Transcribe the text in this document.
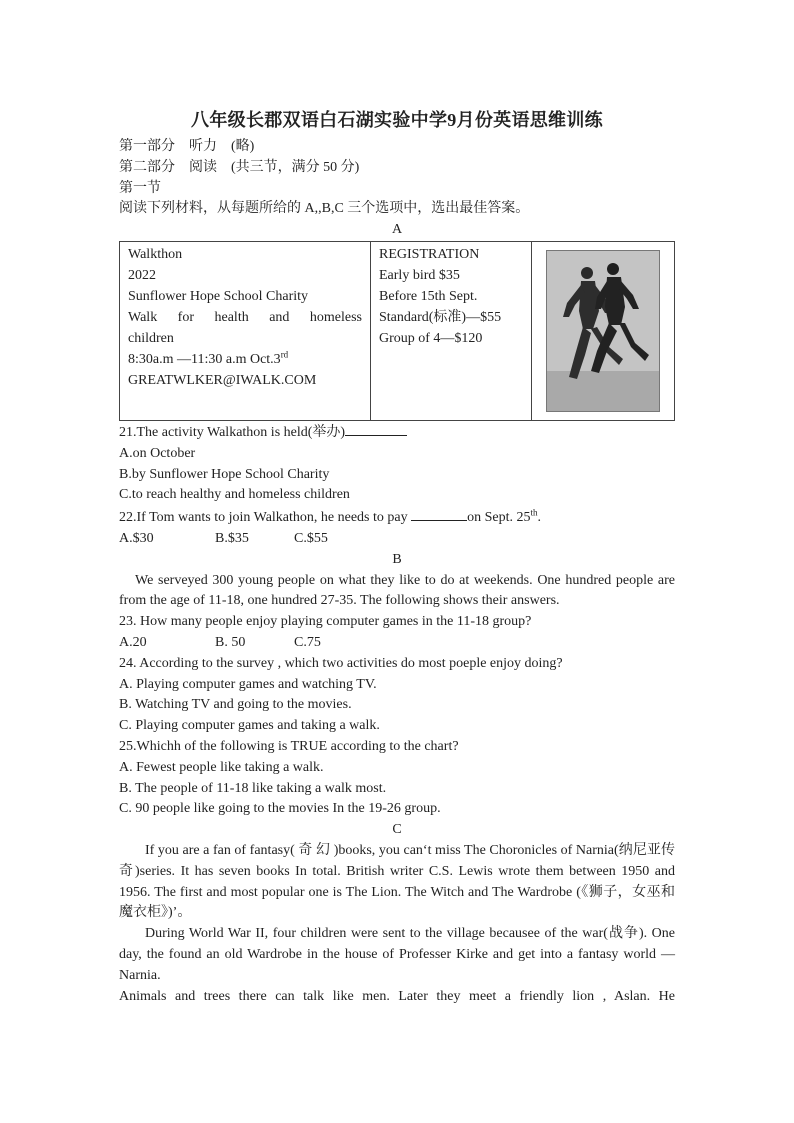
八年级长郡双语白石湖实验中学9月份英语思维训练
第一部分　听力　(略)
第二部分　阅读　(共三节，满分 50 分)
第一节
阅读下列材料，从每题所给的 A,,B,C 三个选项中，选出最佳答案。
A
Walkthon
2022
Sunflower Hope School Charity
Walk for health and homeless
children
8:30a.m —11:30 a.m Oct.3rd
GREATWLKER@IWALK.COM

REGISTRATION
Early bird $35
Before 15th Sept.
Standard(标准)—$55
Group of 4—$120

21.The activity Walkathon is held(举办)
A.on October
B.by Sunflower Hope School Charity
C.to reach healthy and homeless children
22.If Tom wants to join Walkathon, he needs to pay	on Sept. 25th.
A.$30	B.$35	C.$55
B
We serveyed 300 young people on what they like to do at weekends. One hundred people are from the age of 11-18, one hundred 27-35. The following shows their answers.
23. How many people enjoy playing computer games in the 11-18 group?
A.20	B. 50	C.75
24. According to the survey , which two activities do most poeple enjoy doing?
A. Playing computer games and watching TV.
B. Watching TV and going to the movies.
C. Playing computer games and taking a walk.
25.Whichh of the following is TRUE according to the chart?
A. Fewest people like taking a walk.
B. The people of 11-18 like taking a walk most.
C. 90 people like going to the movies In the 19-26 group.
C
If you are a fan of fantasy( 奇 幻 )books, you can‘t miss The Choronicles of Narnia(纳尼亚传奇)series. It has seven books In total. British writer C.S. Lewis wrote them between 1950 and 1956. The first and most popular one is The Lion. The Witch and The Wardrobe (《狮子，女巫和魔衣柜》)’。
During World War II, four children were sent to the village becausee of the war(战争). One day, the found an old Wardrobe in the house of Professer Kirke and get into a fantasy world —Narnia.
Animals and trees there can talk like men. Later they meet a friendly lion , Aslan. He
